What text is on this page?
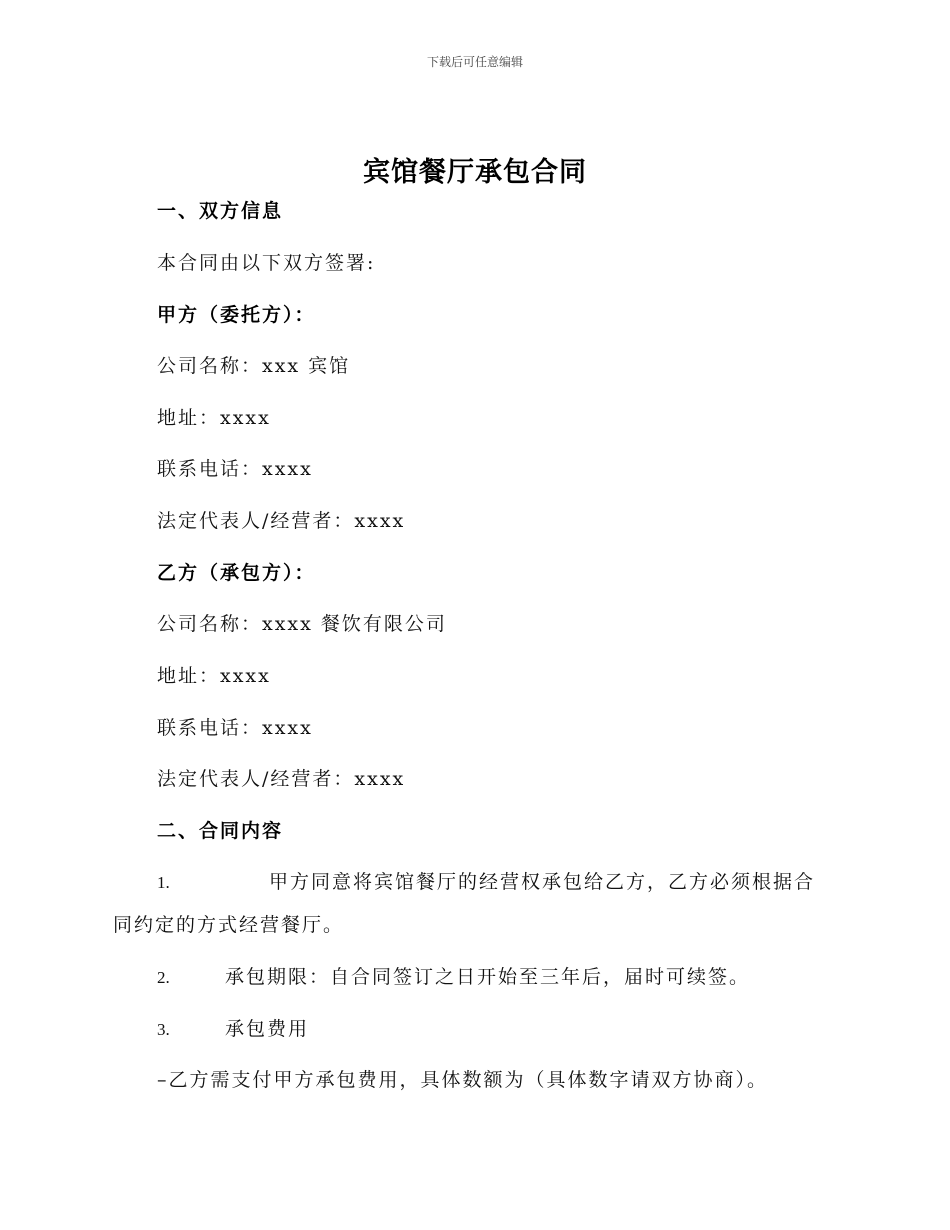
下载后可任意编辑
宾馆餐厅承包合同
一、双方信息
本合同由以下双方签署:
甲方（委托方）：
公司名称：xxx 宾馆
地址：xxxx
联系电话：xxxx
法定代表人/经营者：xxxx
乙方（承包方）：
公司名称：xxxx 餐饮有限公司
地址：xxxx
联系电话：xxxx
法定代表人/经营者：xxxx
二、合同内容
1.	甲方同意将宾馆餐厅的经营权承包给乙方，乙方必须根据合同约定的方式经营餐厅。
2.	承包期限：自合同签订之日开始至三年后，届时可续签。
3.	承包费用
–乙方需支付甲方承包费用，具体数额为（具体数字请双方协商）。
